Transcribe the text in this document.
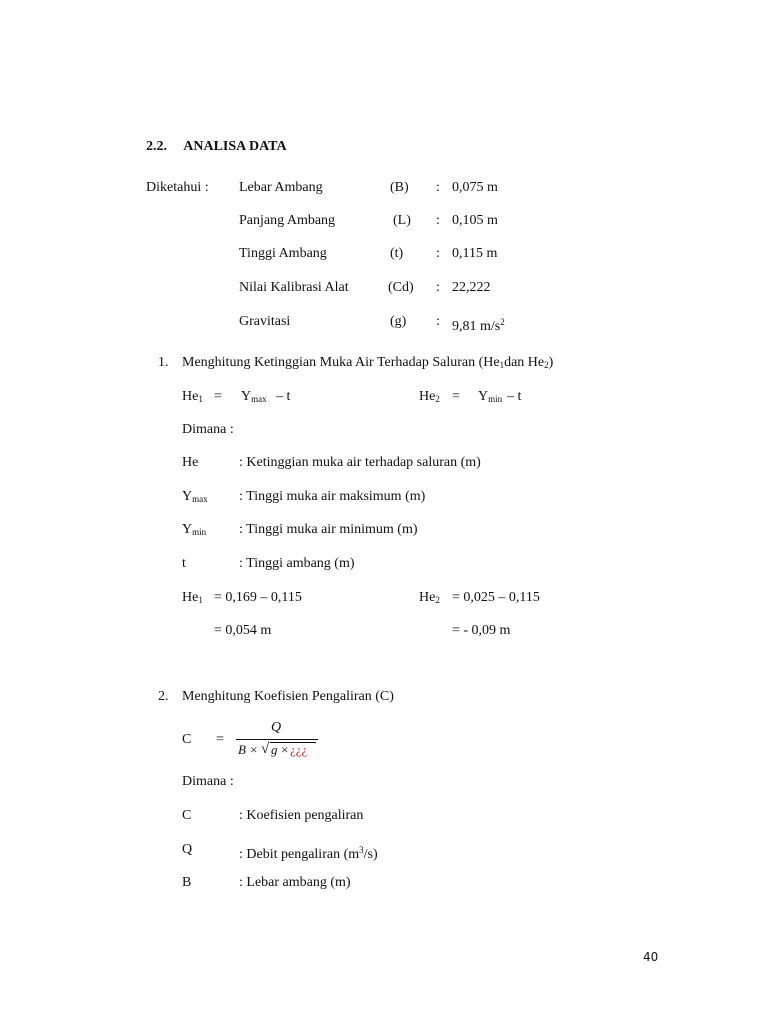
2.2. ANALISA DATA
Diketahui : Lebar Ambang	(B) : 0,075 m
Panjang Ambang	(L) : 0,105 m
Tinggi Ambang	(t) : 0,115 m
Nilai Kalibrasi Alat	(Cd) : 22,222
Gravitasi	(g) : 9,81 $m/s^2$
1. Menghitung Ketinggian Muka Air Terhadap Saluran ($He_1dan$ $He_2$)
$He_1 = Y_{max} - t$	$He_2 = Y_{min} - t$
Dimana :
He	: Ketinggian muka air terhadap saluran (m)
$Y_{max}$ : Tinggi muka air maksimum (m)
$Y_{min}$ : Tinggi muka air minimum (m)
t	: Tinggi ambang (m)
$He_1 = 0,169 - 0,115$
= 0,054 m
$He_2 = 0,025 - 0,115$
= - 0,09 m
2. Menghitung Koefisien Pengaliran (C)
C =
Q
B × √ g × ¿¿¿
Dimana :
C	: Koefisien pengaliran
Q	: Debit pengaliran $(m^3/s)$
B	: Lebar ambang (m)
40
